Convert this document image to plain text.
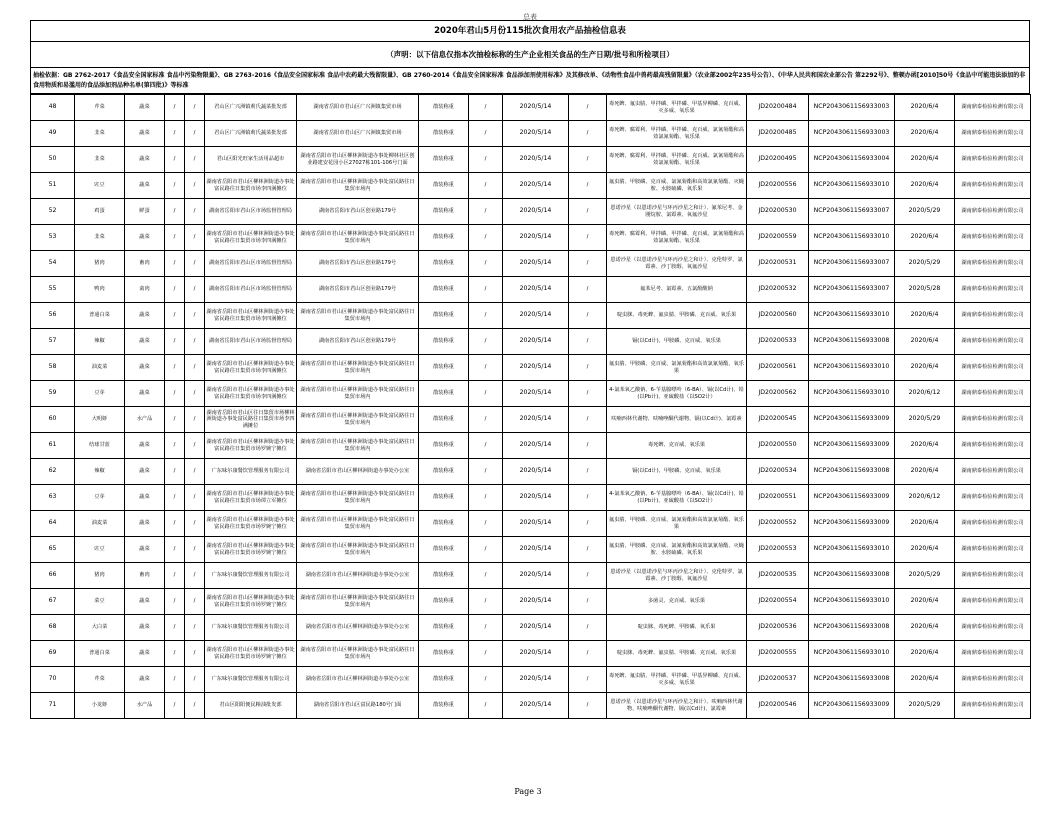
总表
2020年君山5月份115批次食用农产品抽检信息表
（声明：以下信息仅指本次抽检标称的生产企业相关食品的生产日期/批号和所检项目）
抽检依据：GB 2762-2017《食品安全国家标准 食品中污染物限量》、GB 2763-2016《食品安全国家标准 食品中农药最大残留限量》、GB 2760-2014《食品安全国家标准 食品添加剂使用标准》及其修改单、《动物性食品中兽药最高残留限量》（农业部2002年235号公告）、《中华人民共和国农业部公告 第2292号》、整顿办函[2010]50号《食品中可能违法添加的非食用物质和易滥用的食品添加剂品种名单(第四批)》等标准
48	芹菜	蔬菜	/	/	君山区广兴洲镇莉氏蔬菜批发部	湖南省岳阳市君山区广兴洲镇集贸市场	散装称重	/	2020/5/14	/	毒死蜱、氟虫腈、甲拌磷、甲拌磷、甲基异柳磷、克百威、灭多威、氧乐果	JD20200484	NCP2043061156933003	2020/6/4	湖南鼎泰检验检测有限公司
49	韭菜	蔬菜	/	/	君山区广兴洲镇莉氏蔬菜批发部	湖南省岳阳市君山区广兴洲镇集贸市场	散装称重	/	2020/5/14	/	毒死蜱、腐霉利、甲拌磷、甲拌磷、克百威、氯氰菊酯和高效氯氰菊酯、氧乐果	JD20200485	NCP2043061156933003	2020/6/4	湖南鼎泰检验检测有限公司
50	韭菜	蔬菜	/	/	君山区阳光旺家生活用品超市	湖南省岳阳市君山区柳林洲街道办事处柳林社区创业路建安花园小区27027栋101-106号门面	散装称重	/	2020/5/14	/	毒死蜱、腐霉利、甲拌磷、甲拌磷、克百威、氯氰菊酯和高效氯氰菊酯、氧乐果	JD20200495	NCP2043061156933004	2020/6/4	湖南鼎泰检验检测有限公司
51	豇豆	蔬菜	/	/	湖南省岳阳市君山区柳林洲街道办事处富民路往日集贸市场李四满摊位	湖南省岳阳市君山区柳林洲街道办事处富民路往日集贸市场内	散装称重	/	2020/5/14	/	氟虫腈、甲胺磷、克百威、氯氰菊酯和高效氯氰菊酯、灭蝇胺、水胺硫磷、氧乐果	JD20200556	NCP2043061156933010	2020/6/4	湖南鼎泰检验检测有限公司
52	鸡蛋	鲜蛋	/	/	湖南省岳阳市君山区市场监督管理局	湖南省岳阳市君山区创业路179号	散装称重	/	2020/5/14	/	恩诺沙星（以恩诺沙星与环丙沙星之和计）、氟苯尼考、金刚烷胺、氯霉素、氧氟沙星	JD20200530	NCP2043061156933007	2020/5/29	湖南鼎泰检验检测有限公司
53	韭菜	蔬菜	/	/	湖南省岳阳市君山区柳林洲街道办事处富民路往日集贸市场李四满摊位	湖南省岳阳市君山区柳林洲街道办事处富民路往日集贸市场内	散装称重	/	2020/5/14	/	毒死蜱、腐霉利、甲拌磷、甲拌磷、克百威、氯氰菊酯和高效氯氰菊酯、氧乐果	JD20200559	NCP2043061156933010	2020/6/4	湖南鼎泰检验检测有限公司
54	猪肉	畜肉	/	/	湖南省岳阳市君山区市场监督管理局	湖南省岳阳市君山区创业路179号	散装称重	/	2020/5/14	/	恩诺沙星（以恩诺沙星与环丙沙星之和计）、克伦特罗、氯霉素、沙丁胺醇、氧氟沙星	JD20200531	NCP2043061156933007	2020/5/29	湖南鼎泰检验检测有限公司
55	鸭肉	禽肉	/	/	湖南省岳阳市君山区市场监督管理局	湖南省岳阳市君山区创业路179号	散装称重	/	2020/5/14	/	氟苯尼考、氯霉素、五氯酚酸钠	JD20200532	NCP2043061156933007	2020/5/28	湖南鼎泰检验检测有限公司
56	普通白菜	蔬菜	/	/	湖南省岳阳市君山区柳林洲街道办事处富民路往日集贸市场李四满摊位	湖南省岳阳市君山区柳林洲街道办事处富民路往日集贸市场内	散装称重	/	2020/5/14	/	啶虫脒、毒死蜱、氟虫腈、甲胺磷、克百威、氧乐果	JD20200560	NCP2043061156933010	2020/6/4	湖南鼎泰检验检测有限公司
57	辣椒	蔬菜	/	/	湖南省岳阳市君山区市场监督管理局	湖南省岳阳市君山区创业路179号	散装称重	/	2020/5/14	/	镉(以Cd计)、甲胺磷、克百威、氧乐果	JD20200533	NCP2043061156933008	2020/6/4	湖南鼎泰检验检测有限公司
58	油麦菜	蔬菜	/	/	湖南省岳阳市君山区柳林洲街道办事处富民路往日集贸市场李四满摊位	湖南省岳阳市君山区柳林洲街道办事处富民路往日集贸市场内	散装称重	/	2020/5/14	/	氟虫腈、甲胺磷、克百威、氯氰菊酯和高效氯氰菊酯、氧乐果	JD20200561	NCP2043061156933010	2020/6/4	湖南鼎泰检验检测有限公司
59	豆芽	蔬菜	/	/	湖南省岳阳市君山区柳林洲街道办事处富民路往日集贸市场李四满摊位	湖南省岳阳市君山区柳林洲街道办事处富民路往日集贸市场内	散装称重	/	2020/5/14	/	4-氯苯氧乙酸钠、6-苄基腺嘌呤（6-BA）、镉(以Cd计)、铅(以Pb计)、亚硫酸盐（以SO2计）	JD20200562	NCP2043061156933010	2020/6/12	湖南鼎泰检验检测有限公司
60	大明虾	水产品	/	/	湖南省岳阳市君山区往日集贸市场柳林洲街道办事处富民路往日集贸市场李四满摊位	湖南省岳阳市君山区柳林洲街道办事处富民路往日集贸市场内	散装称重	/	2020/5/14	/	呋喃西林代谢物、呋喃唑酮代谢物、镉(以Cd计)、氯霉素	JD20200545	NCP2043061156933009	2020/5/29	湖南鼎泰检验检测有限公司
61	结球甘蓝	蔬菜	/	/	湖南省岳阳市君山区柳林洲街道办事处富民路往日集贸市场罗婉宁摊位	湖南省岳阳市君山区柳林洲街道办事处富民路往日集贸市场内	散装称重	/	2020/5/14	/	毒死蜱、克百威、氧乐果	JD20200550	NCP2043061156933009	2020/6/4	湖南鼎泰检验检测有限公司
62	辣椒	蔬菜	/	/	广东味尔康餐饮管理服务有限公司	湖南省岳阳市君山区柳林洲街道办事处办公室	散装称重	/	2020/5/14	/	镉(以Cd计)、甲胺磷、克百威、氧乐果	JD20200534	NCP2043061156933008	2020/6/4	湖南鼎泰检验检测有限公司
63	豆芽	蔬菜	/	/	湖南省岳阳市君山区柳林洲街道办事处富民路往日集贸市场谭立军摊位	湖南省岳阳市君山区柳林洲街道办事处富民路往日集贸市场内	散装称重	/	2020/5/14	/	4-氯苯氧乙酸钠、6-苄基腺嘌呤（6-BA）、镉(以Cd计)、铅(以Pb计)、亚硫酸盐（以SO2计）	JD20200551	NCP2043061156933009	2020/6/12	湖南鼎泰检验检测有限公司
64	油麦菜	蔬菜	/	/	湖南省岳阳市君山区柳林洲街道办事处富民路往日集贸市场罗婉宁摊位	湖南省岳阳市君山区柳林洲街道办事处富民路往日集贸市场内	散装称重	/	2020/5/14	/	氟虫腈、甲胺磷、克百威、氯氰菊酯和高效氯氰菊酯、氧乐果	JD20200552	NCP2043061156933009	2020/6/4	湖南鼎泰检验检测有限公司
65	豇豆	蔬菜	/	/	湖南省岳阳市君山区柳林洲街道办事处富民路往日集贸市场罗婉宁摊位	湖南省岳阳市君山区柳林洲街道办事处富民路往日集贸市场内	散装称重	/	2020/5/14	/	氟虫腈、甲胺磷、克百威、氯氰菊酯和高效氯氰菊酯、灭蝇胺、水胺硫磷、氧乐果	JD20200553	NCP2043061156933010	2020/6/4	湖南鼎泰检验检测有限公司
66	猪肉	畜肉	/	/	广东味尔康餐饮管理服务有限公司	湖南省岳阳市君山区柳林洲街道办事处办公室	散装称重	/	2020/5/14	/	恩诺沙星（以恩诺沙星与环丙沙星之和计）、克伦特罗、氯霉素、沙丁胺醇、氧氟沙星	JD20200535	NCP2043061156933008	2020/5/29	湖南鼎泰检验检测有限公司
67	菜豆	蔬菜	/	/	湖南省岳阳市君山区柳林洲街道办事处富民路往日集贸市场罗婉宁摊位	湖南省岳阳市君山区柳林洲街道办事处富民路往日集贸市场内	散装称重	/	2020/5/14	/	多菌灵、克百威、氧乐果	JD20200554	NCP2043061156933010	2020/6/4	湖南鼎泰检验检测有限公司
68	大白菜	蔬菜	/	/	广东味尔康餐饮管理服务有限公司	湖南省岳阳市君山区柳林洲街道办事处办公室	散装称重	/	2020/5/14	/	啶虫脒、毒死蜱、甲胺磷、氧乐果	JD20200536	NCP2043061156933008	2020/6/4	湖南鼎泰检验检测有限公司
69	普通白菜	蔬菜	/	/	湖南省岳阳市君山区柳林洲街道办事处富民路往日集贸市场罗婉宁摊位	湖南省岳阳市君山区柳林洲街道办事处富民路往日集贸市场内	散装称重	/	2020/5/14	/	啶虫脒、毒死蜱、氟虫腈、甲胺磷、克百威、氧乐果	JD20200555	NCP2043061156933010	2020/6/4	湖南鼎泰检验检测有限公司
70	芹菜	蔬菜	/	/	广东味尔康餐饮管理服务有限公司	湖南省岳阳市君山区柳林洲街道办事处办公室	散装称重	/	2020/5/14	/	毒死蜱、氟虫腈、甲拌磷、甲拌磷、甲基异柳磷、克百威、灭多威、氧乐果	JD20200537	NCP2043061156933008	2020/6/4	湖南鼎泰检验检测有限公司
71	小龙虾	水产品	/	/	君山区阳阳便民粮油批发部	湖南省岳阳市君山区富民路180号门面	散装称重	/	2020/5/14	/	恩诺沙星（以恩诺沙星与环丙沙星之和计）、呋喃西林代谢物、呋喃唑酮代谢物、镉(以Cd计)、氯霉素	JD20200546	NCP2043061156933009	2020/5/29	湖南鼎泰检验检测有限公司
Page 3
